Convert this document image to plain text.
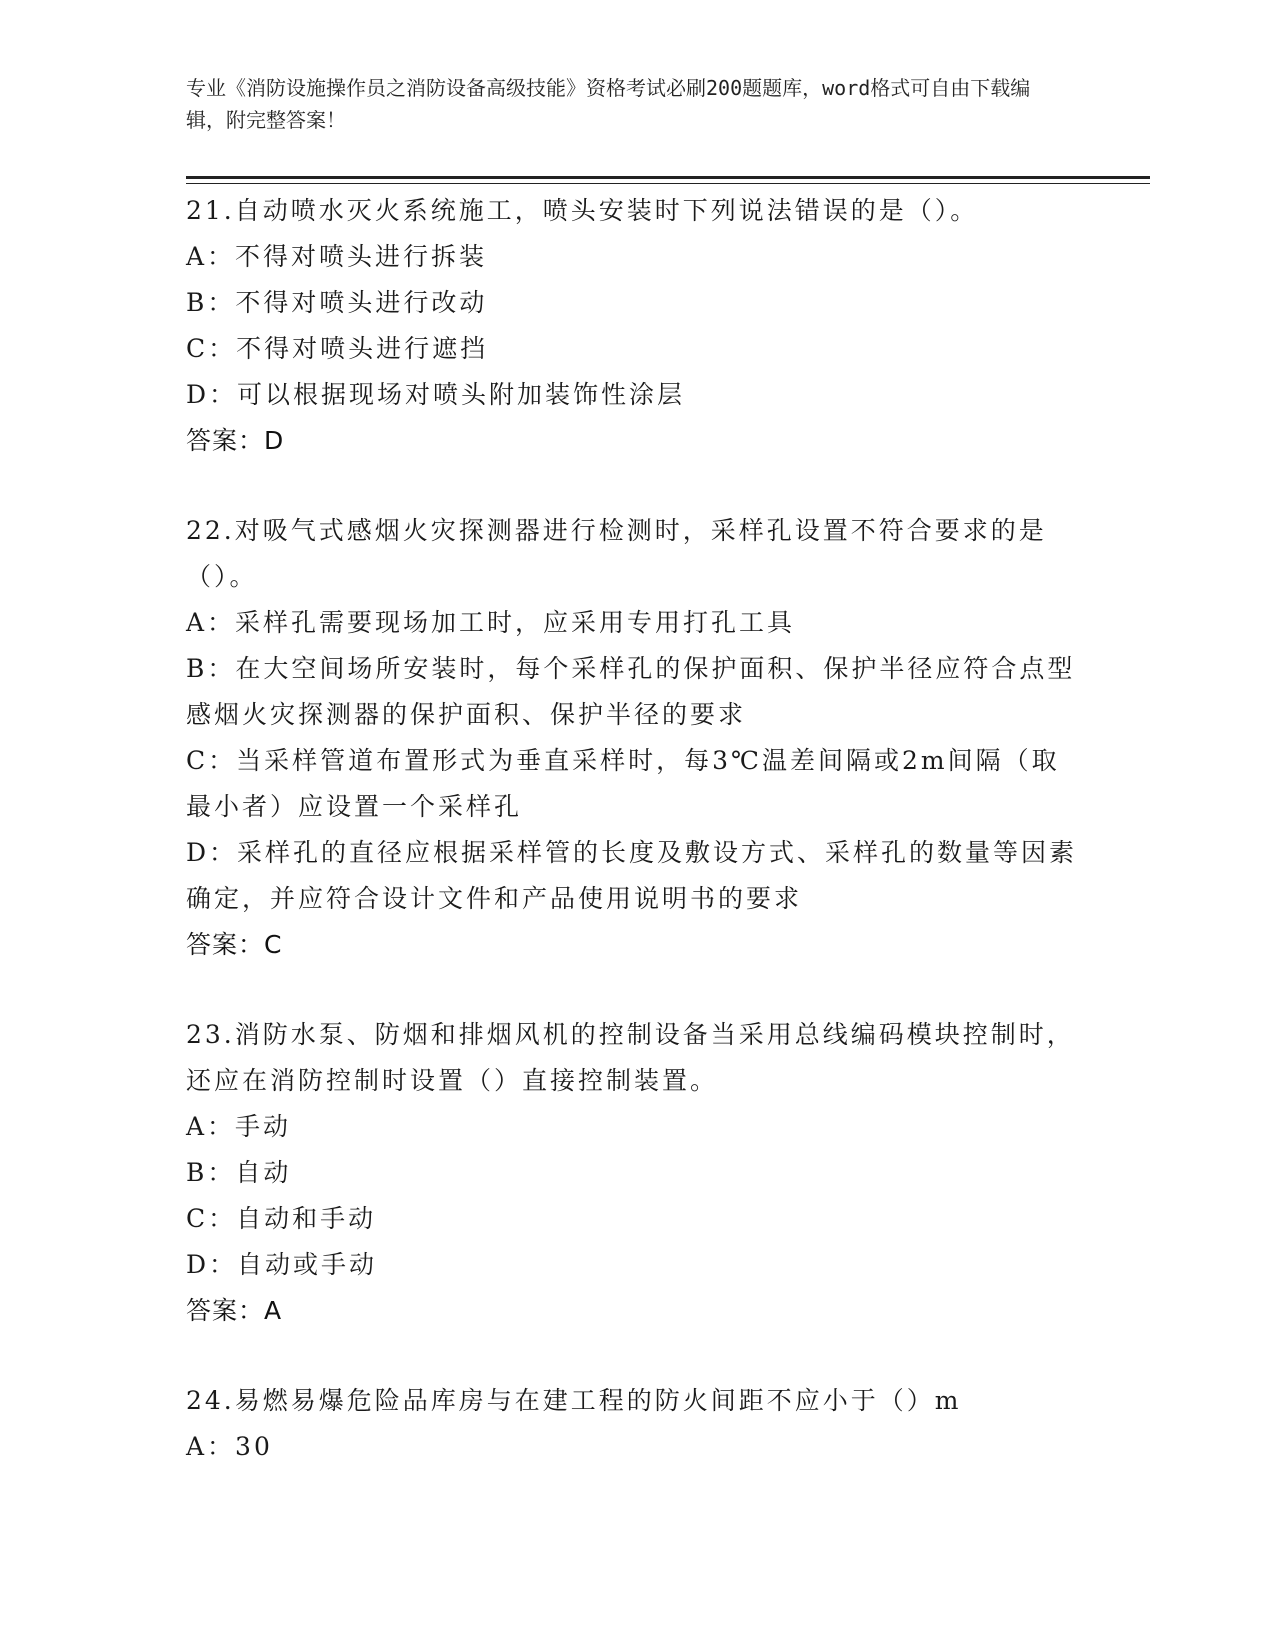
专业《消防设施操作员之消防设备高级技能》资格考试必刷200题题库，word格式可自由下载编辑，附完整答案！

21.自动喷水灭火系统施工，喷头安装时下列说法错误的是（）。
A：不得对喷头进行拆装
B：不得对喷头进行改动
C：不得对喷头进行遮挡
D：可以根据现场对喷头附加装饰性涂层
答案：D
22.对吸气式感烟火灾探测器进行检测时，采样孔设置不符合要求的是（）。
A：采样孔需要现场加工时，应采用专用打孔工具
B：在大空间场所安装时，每个采样孔的保护面积、保护半径应符合点型感烟火灾探测器的保护面积、保护半径的要求
C：当采样管道布置形式为垂直采样时，每3℃温差间隔或2m间隔（取最小者）应设置一个采样孔
D：采样孔的直径应根据采样管的长度及敷设方式、采样孔的数量等因素确定，并应符合设计文件和产品使用说明书的要求
答案：C
23.消防水泵、防烟和排烟风机的控制设备当采用总线编码模块控制时，还应在消防控制时设置（）直接控制装置。
A：手动
B：自动
C：自动和手动
D：自动或手动
答案：A
24.易燃易爆危险品库房与在建工程的防火间距不应小于（）m
A：30
